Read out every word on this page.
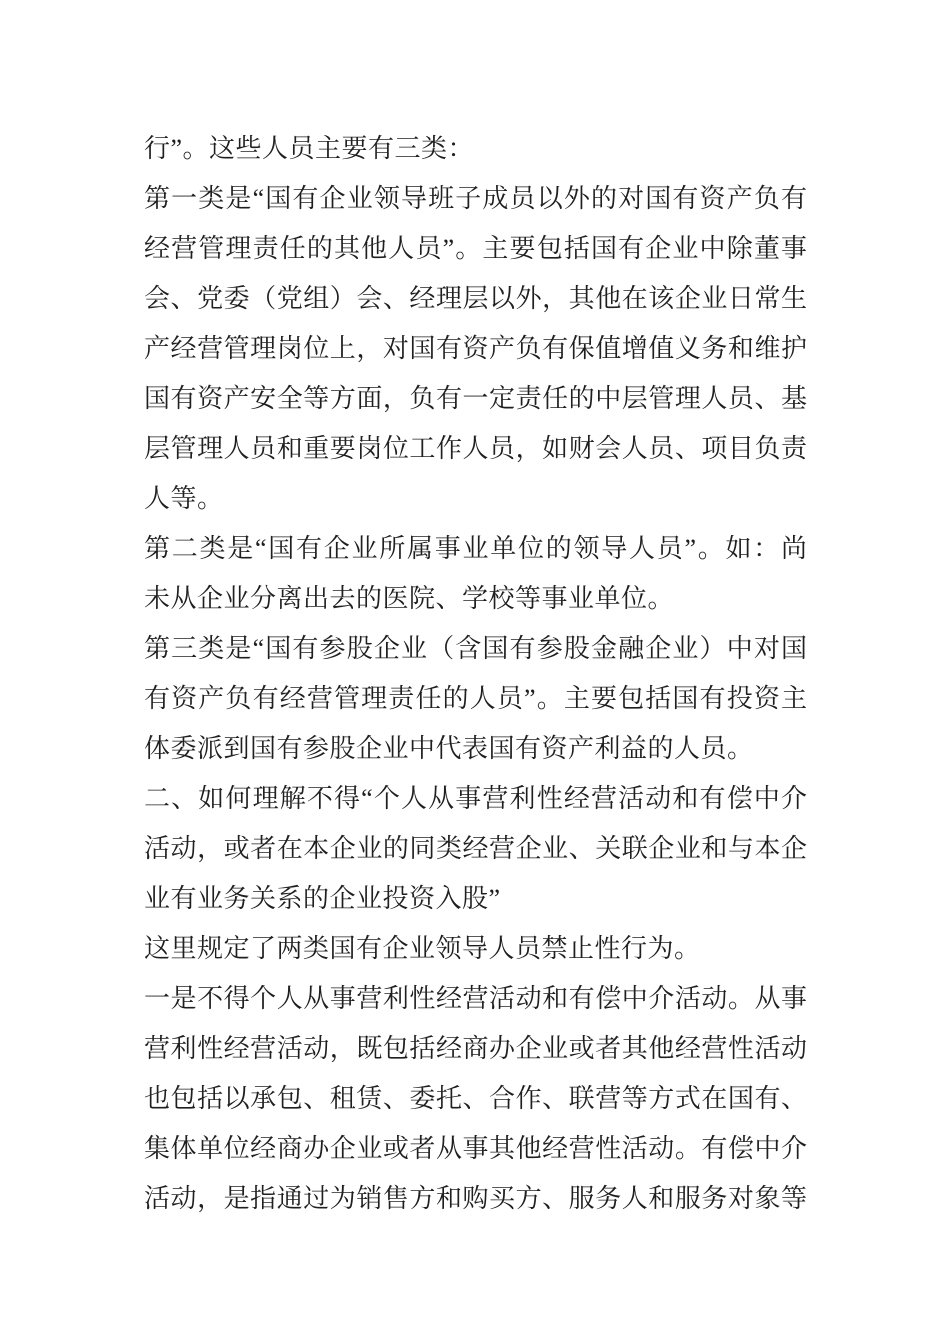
行”。这些人员主要有三类：
第一类是“国有企业领导班子成员以外的对国有资产负有
经营管理责任的其他人员”。主要包括国有企业中除董事
会、党委（党组）会、经理层以外，其他在该企业日常生
产经营管理岗位上，对国有资产负有保值增值义务和维护
国有资产安全等方面，负有一定责任的中层管理人员、基
层管理人员和重要岗位工作人员，如财会人员、项目负责
人等。
第二类是“国有企业所属事业单位的领导人员”。如：尚
未从企业分离出去的医院、学校等事业单位。
第三类是“国有参股企业（含国有参股金融企业）中对国
有资产负有经营管理责任的人员”。主要包括国有投资主
体委派到国有参股企业中代表国有资产利益的人员。
二、如何理解不得“个人从事营利性经营活动和有偿中介
活动，或者在本企业的同类经营企业、关联企业和与本企
业有业务关系的企业投资入股”
这里规定了两类国有企业领导人员禁止性行为。
一是不得个人从事营利性经营活动和有偿中介活动。从事
营利性经营活动，既包括经商办企业或者其他经营性活动
也包括以承包、租赁、委托、合作、联营等方式在国有、
集体单位经商办企业或者从事其他经营性活动。有偿中介
活动，是指通过为销售方和购买方、服务人和服务对象等
